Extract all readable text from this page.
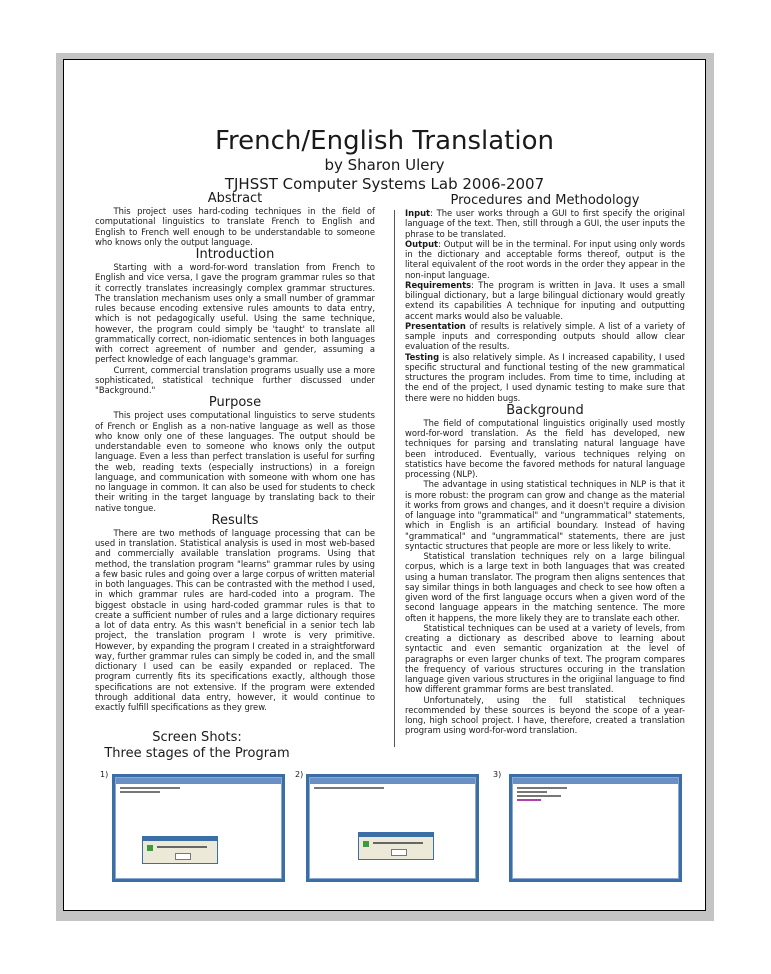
French/English Translation
by Sharon Ulery
TJHSST Computer Systems Lab 2006-2007
Abstract

This project uses hard-coding techniques in the field of computational linguistics to translate French to English and English to French well enough to be understandable to someone who knows only the output language.

Introduction

Starting with a word-for-word translation from French to English and vice versa, I gave the program grammar rules so that it correctly translates increasingly complex grammar structures. The translation mechanism uses only a small number of grammar rules because encoding extensive rules amounts to data entry, which is not pedagogically useful. Using the same technique, however, the program could simply be 'taught' to translate all grammatically correct, non-idiomatic sentences in both languages with correct agreement of number and gender, assuming a perfect knowledge of each language's grammar.

Current, commercial translation programs usually use a more sophisticated, statistical technique further discussed under "Background."

Purpose

This project uses computational linguistics to serve students of French or English as a non-native language as well as those who know only one of these languages. The output should be understandable even to someone who knows only the output language. Even a less than perfect translation is useful for surfing the web, reading texts (especially instructions) in a foreign language, and communication with someone with whom one has no language in common. It can also be used for students to check their writing in the target language by translating back to their native tongue.

Results

There are two methods of language processing that can be used in translation. Statistical analysis is used in most web-based and commercially available translation programs. Using that method, the translation program "learns" grammar rules by using a few basic rules and going over a large corpus of written material in both languages. This can be contrasted with the method I used, in which grammar rules are hard-coded into a program. The biggest obstacle in using hard-coded grammar rules is that to create a sufficient number of rules and a large dictionary requires a lot of data entry. As this wasn't beneficial in a senior tech lab project, the translation program I wrote is very primitive. However, by expanding the program I created in a straightforward way, further grammar rules can simply be coded in, and the small dictionary I used can be easily expanded or replaced. The program currently fits its specifications exactly, although those specifications are not extensive. If the program were extended through additional data entry, however, it would continue to exactly fulfill specifications as they grew.

Procedures and Methodology

Input: The user works through a GUI to first specify the original language of the text. Then, still through a GUI, the user inputs the phrase to be translated.

Output: Output will be in the terminal. For input using only words in the dictionary and acceptable forms thereof, output is the literal equivalent of the root words in the order they appear in the non-input language.

Requirements: The program is written in Java. It uses a small bilingual dictionary, but a large bilingual dictionary would greatly extend its capabilities A technique for inputing and outputting accent marks would also be valuable.

Presentation of results is relatively simple. A list of a variety of sample inputs and corresponding outputs should allow clear evaluation of the results.

Testing is also relatively simple. As I increased capability, I used specific structural and functional testing of the new grammatical structures the program includes. From time to time, including at the end of the project, I used dynamic testing to make sure that there were no hidden bugs.

Background

The field of computational linguistics originally used mostly word-for-word translation. As the field has developed, new techniques for parsing and translating natural language have been introduced. Eventually, various techniques relying on statistics have become the favored methods for natural language processing (NLP).

The advantage in using statistical techniques in NLP is that it is more robust: the program can grow and change as the material it works from grows and changes, and it doesn't require a division of language into "grammatical" and "ungrammatical" statements, which in English is an artificial boundary. Instead of having "grammatical" and "ungrammatical" statements, there are just syntactic structures that people are more or less likely to write.

Statistical translation techniques rely on a large bilingual corpus, which is a large text in both languages that was created using a human translator. The program then aligns sentences that say similar things in both languages and check to see how often a given word of the first language occurs when a given word of the second language appears in the matching sentence. The more often it happens, the more likely they are to translate each other.

Statistical techniques can be used at a variety of levels, from creating a dictionary as described above to learning about syntactic and even semantic organization at the level of paragraphs or even larger chunks of text. The program compares the frequency of various structures occuring in the translation language given various structures in the origiinal language to find how different grammar forms are best translated.

Unfortunately, using the full statistical techniques recommended by these sources is beyond the scope of a year-long, high school project. I have, therefore, created a translation program using word-for-word translation.

Screen Shots:
Three stages of the Program
1)	2)	3)
